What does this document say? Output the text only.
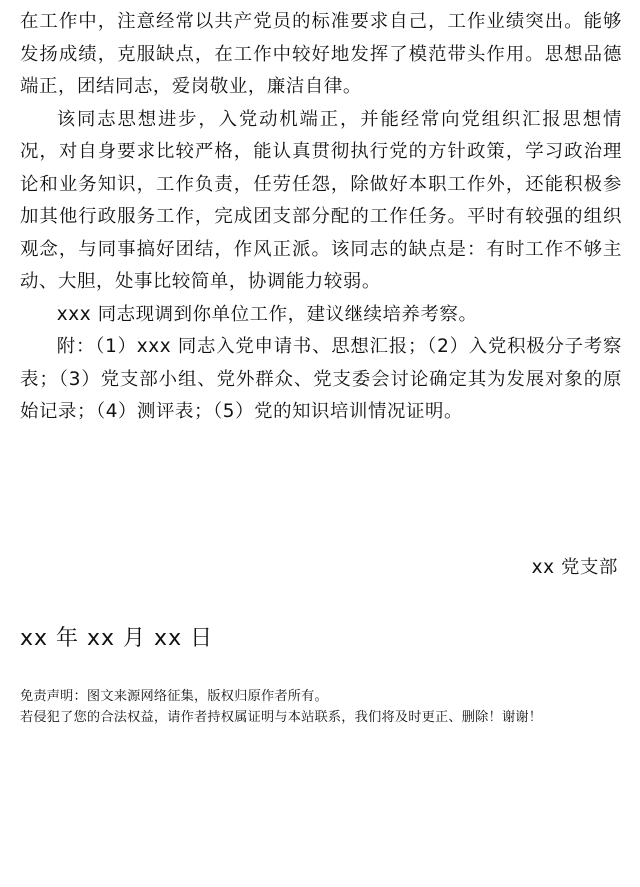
在工作中，注意经常以共产党员的标准要求自己，工作业绩突出。能够发扬成绩，克服缺点，在工作中较好地发挥了模范带头作用。思想品德端正，团结同志，爱岗敬业，廉洁自律。

该同志思想进步，入党动机端正，并能经常向党组织汇报思想情况，对自身要求比较严格，能认真贯彻执行党的方针政策，学习政治理论和业务知识，工作负责，任劳任怨，除做好本职工作外，还能积极参加其他行政服务工作，完成团支部分配的工作任务。平时有较强的组织观念，与同事搞好团结，作风正派。该同志的缺点是：有时工作不够主动、大胆，处事比较简单，协调能力较弱。

xxx 同志现调到你单位工作，建议继续培养考察。

附：（1）xxx 同志入党申请书、思想汇报；（2）入党积极分子考察表；（3）党支部小组、党外群众、党支委会讨论确定其为发展对象的原始记录；（4）测评表；（5）党的知识培训情况证明。

xx 党支部
xx 年 xx 月 xx 日

免责声明：图文来源网络征集，版权归原作者所有。

若侵犯了您的合法权益，请作者持权属证明与本站联系，我们将及时更正、删除！谢谢！
